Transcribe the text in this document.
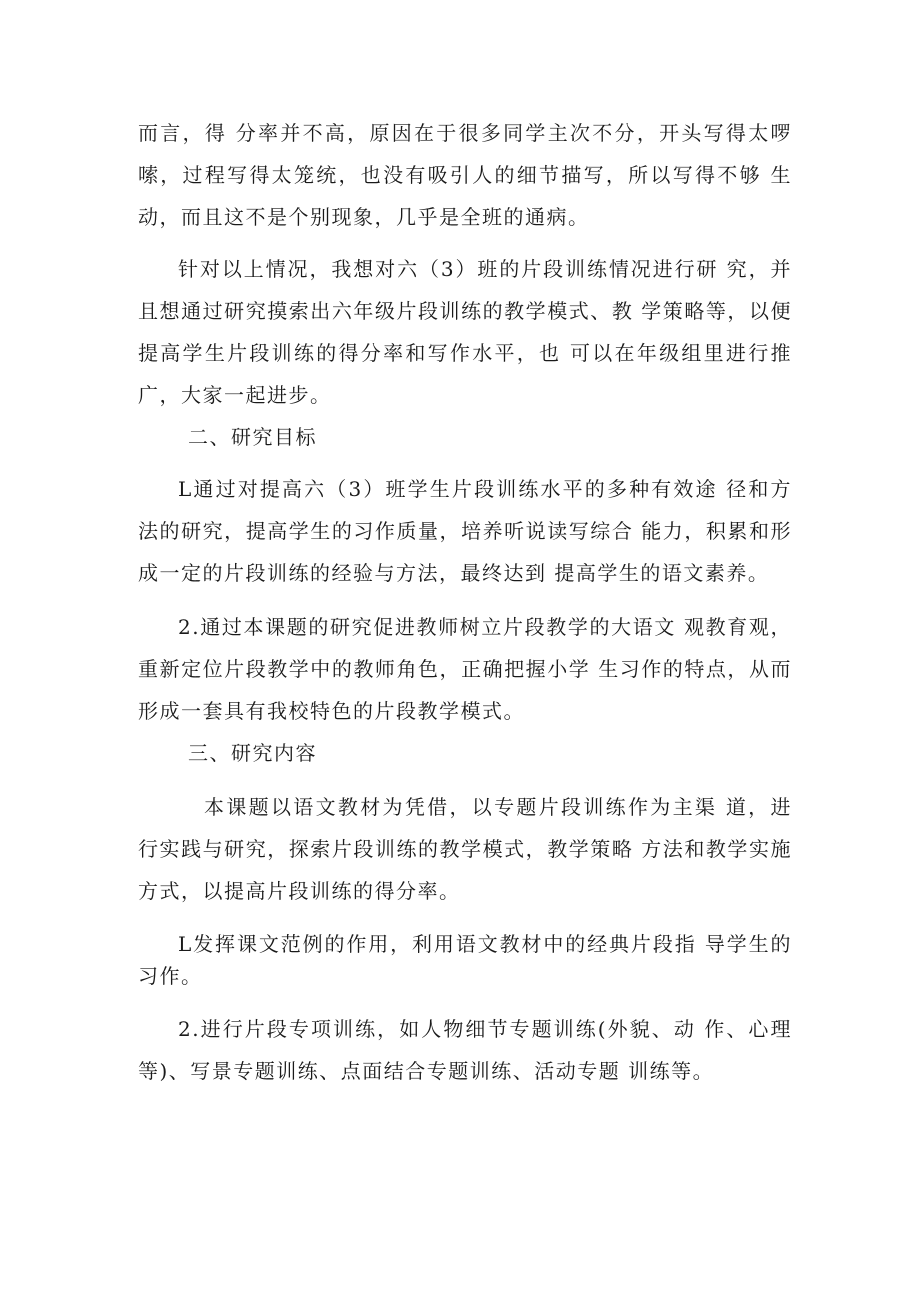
而言，得 分率并不高，原因在于很多同学主次不分，开头写得太啰嗦，过程写得太笼统，也没有吸引人的细节描写，所以写得不够 生动，而且这不是个别现象，几乎是全班的通病。

针对以上情况，我想对六（3）班的片段训练情况进行研 究，并且想通过研究摸索出六年级片段训练的教学模式、教 学策略等，以便提高学生片段训练的得分率和写作水平，也 可以在年级组里进行推广，大家一起进步。

二、研究目标

L通过对提高六（3）班学生片段训练水平的多种有效途 径和方法的研究，提高学生的习作质量，培养听说读写综合 能力，积累和形成一定的片段训练的经验与方法，最终达到 提高学生的语文素养。

2.通过本课题的研究促进教师树立片段教学的大语文 观教育观，重新定位片段教学中的教师角色，正确把握小学 生习作的特点，从而形成一套具有我校特色的片段教学模式。

三、研究内容

本课题以语文教材为凭借，以专题片段训练作为主渠 道，进行实践与研究，探索片段训练的教学模式，教学策略 方法和教学实施方式，以提高片段训练的得分率。

L发挥课文范例的作用，利用语文教材中的经典片段指 导学生的习作。

2.进行片段专项训练，如人物细节专题训练(外貌、动 作、心理等)、写景专题训练、点面结合专题训练、活动专题 训练等。
